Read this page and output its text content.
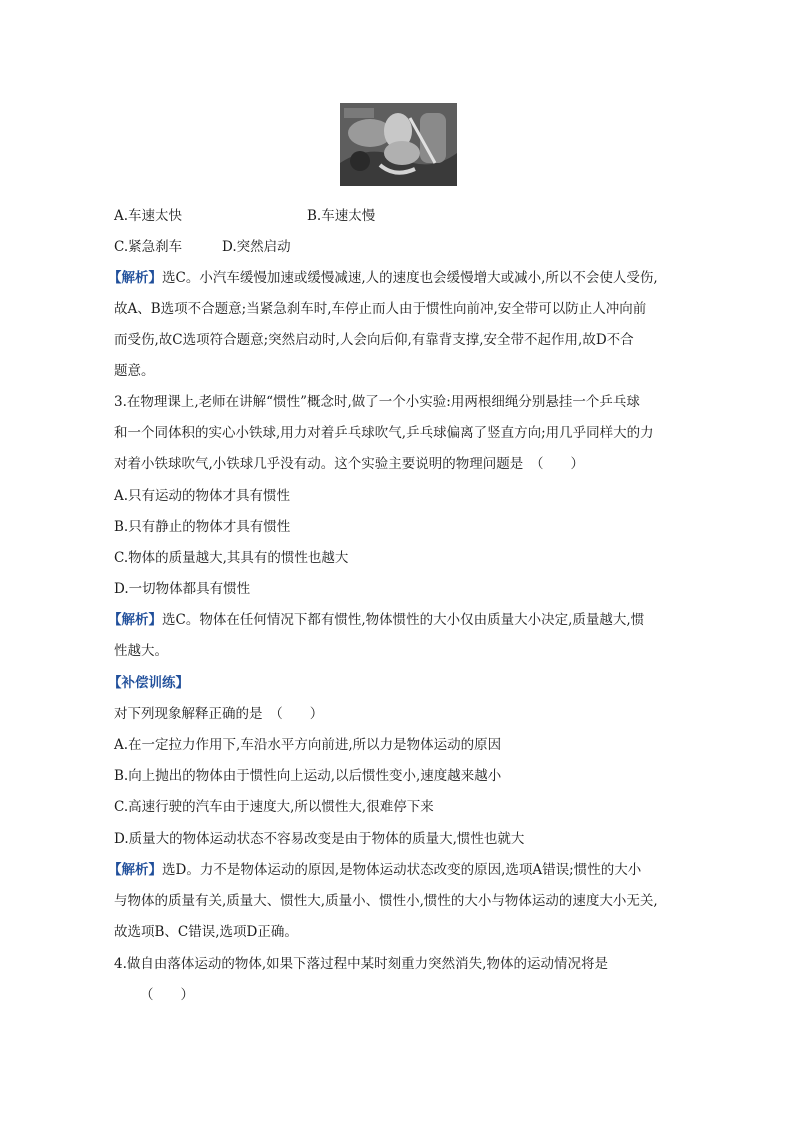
A.车速太快	B.车速太慢
C.紧急刹车	D.突然启动
【解析】选C。小汽车缓慢加速或缓慢减速,人的速度也会缓慢增大或减小,所以不会使人受伤,
故A、B选项不合题意;当紧急刹车时,车停止而人由于惯性向前冲,安全带可以防止人冲向前
而受伤,故C选项符合题意;突然启动时,人会向后仰,有靠背支撑,安全带不起作用,故D不合
题意。
3.在物理课上,老师在讲解“惯性”概念时,做了一个小实验:用两根细绳分别悬挂一个乒乓球
和一个同体积的实心小铁球,用力对着乒乓球吹气,乒乓球偏离了竖直方向;用几乎同样大的力
对着小铁球吹气,小铁球几乎没有动。这个实验主要说明的物理问题是　（　　）
A.只有运动的物体才具有惯性
B.只有静止的物体才具有惯性
C.物体的质量越大,其具有的惯性也越大
D.一切物体都具有惯性
【解析】选C。物体在任何情况下都有惯性,物体惯性的大小仅由质量大小决定,质量越大,惯
性越大。
【补偿训练】
对下列现象解释正确的是　（　　）
A.在一定拉力作用下,车沿水平方向前进,所以力是物体运动的原因
B.向上抛出的物体由于惯性向上运动,以后惯性变小,速度越来越小
C.高速行驶的汽车由于速度大,所以惯性大,很难停下来
D.质量大的物体运动状态不容易改变是由于物体的质量大,惯性也就大
【解析】选D。力不是物体运动的原因,是物体运动状态改变的原因,选项A错误;惯性的大小
与物体的质量有关,质量大、惯性大,质量小、惯性小,惯性的大小与物体运动的速度大小无关,
故选项B、C错误,选项D正确。
4.做自由落体运动的物体,如果下落过程中某时刻重力突然消失,物体的运动情况将是
（　　）
